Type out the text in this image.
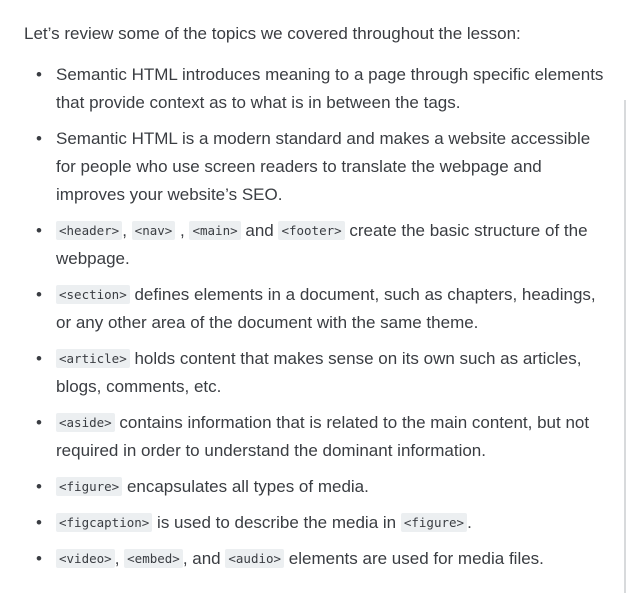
Let’s review some of the topics we covered throughout the lesson:

• Semantic HTML introduces meaning to a page through specific elements that provide context as to what is in between the tags.
• Semantic HTML is a modern standard and makes a website accessible for people who use screen readers to translate the webpage and improves your website’s SEO.
• <header> , <nav> , <main> and <footer> create the basic structure of the webpage.
• <section> defines elements in a document, such as chapters, headings, or any other area of the document with the same theme.
• <article> holds content that makes sense on its own such as articles, blogs, comments, etc.
• <aside> contains information that is related to the main content, but not required in order to understand the dominant information.
• <figure> encapsulates all types of media.
• <figcaption> is used to describe the media in <figure> .
• <video> , <embed> , and <audio> elements are used for media files.
